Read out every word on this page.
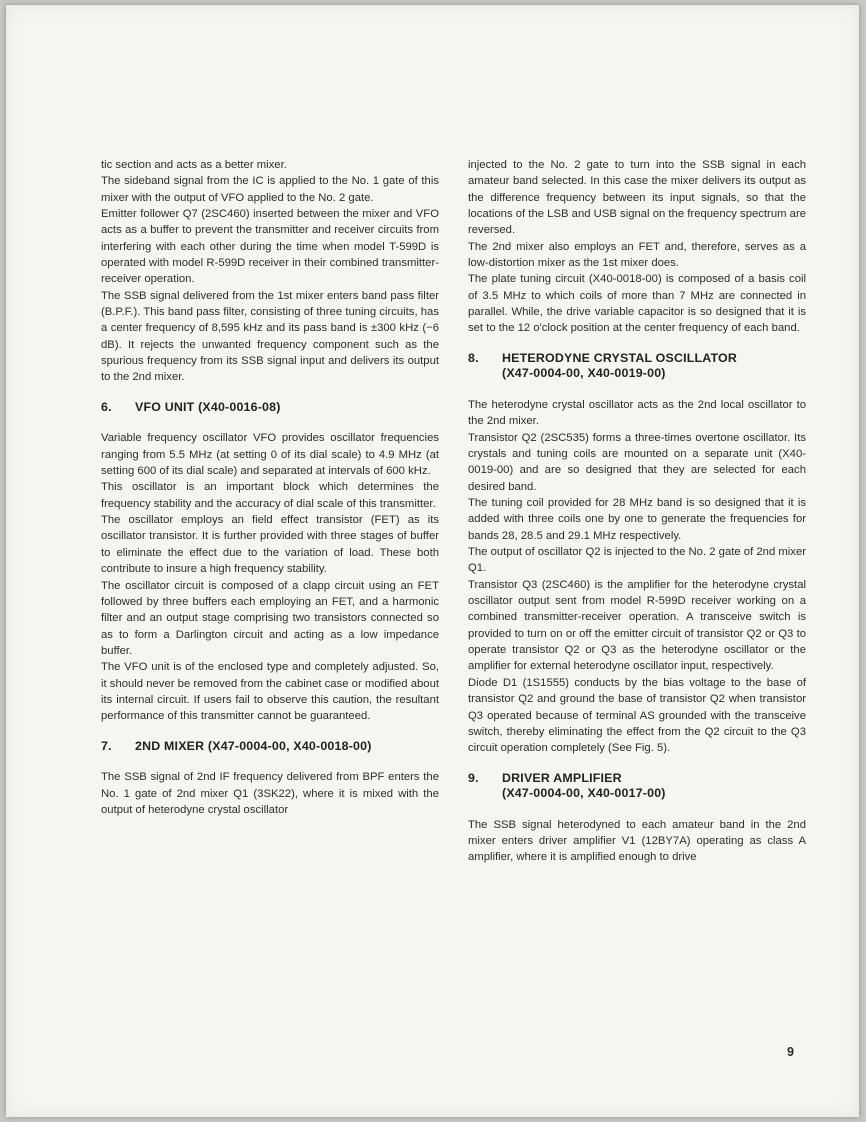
tic section and acts as a better mixer.

The sideband signal from the IC is applied to the No. 1 gate of this mixer with the output of VFO applied to the No. 2 gate.

Emitter follower Q7 (2SC460) inserted between the mixer and VFO acts as a buffer to prevent the transmitter and receiver circuits from interfering with each other during the time when model T-599D is operated with model R-599D receiver in their combined transmitter-receiver operation.

The SSB signal delivered from the 1st mixer enters band pass filter (B.P.F.). This band pass filter, consisting of three tuning circuits, has a center frequency of 8,595 kHz and its pass band is ±300 kHz (−6 dB). It rejects the unwanted frequency component such as the spurious frequency from its SSB signal input and delivers its output to the 2nd mixer.

6.	VFO UNIT (X40-0016-08)

Variable frequency oscillator VFO provides oscillator frequencies ranging from 5.5 MHz (at setting 0 of its dial scale) to 4.9 MHz (at setting 600 of its dial scale) and separated at intervals of 600 kHz.

This oscillator is an important block which determines the frequency stability and the accuracy of dial scale of this transmitter.

The oscillator employs an field effect transistor (FET) as its oscillator transistor. It is further provided with three stages of buffer to eliminate the effect due to the variation of load. These both contribute to insure a high frequency stability.

The oscillator circuit is composed of a clapp circuit using an FET followed by three buffers each employing an FET, and a harmonic filter and an output stage comprising two transistors connected so as to form a Darlington circuit and acting as a low impedance buffer.

The VFO unit is of the enclosed type and completely adjusted. So, it should never be removed from the cabinet case or modified about its internal circuit. If users fail to observe this caution, the resultant performance of this transmitter cannot be guaranteed.

7.	2ND MIXER (X47-0004-00, X40-0018-00)

The SSB signal of 2nd IF frequency delivered from BPF enters the No. 1 gate of 2nd mixer Q1 (3SK22), where it is mixed with the output of heterodyne crystal oscillator

injected to the No. 2 gate to turn into the SSB signal in each amateur band selected. In this case the mixer delivers its output as the difference frequency between its input signals, so that the locations of the LSB and USB signal on the frequency spectrum are reversed.

The 2nd mixer also employs an FET and, therefore, serves as a low-distortion mixer as the 1st mixer does.

The plate tuning circuit (X40-0018-00) is composed of a basis coil of 3.5 MHz to which coils of more than 7 MHz are connected in parallel. While, the drive variable capacitor is so designed that it is set to the 12 o'clock position at the center frequency of each band.

8.	HETERODYNE CRYSTAL OSCILLATOR
(X47-0004-00, X40-0019-00)

The heterodyne crystal oscillator acts as the 2nd local oscillator to the 2nd mixer.

Transistor Q2 (2SC535) forms a three-times overtone oscillator. Its crystals and tuning coils are mounted on a separate unit (X40-0019-00) and are so designed that they are selected for each desired band.

The tuning coil provided for 28 MHz band is so designed that it is added with three coils one by one to generate the frequencies for bands 28, 28.5 and 29.1 MHz respectively.

The output of oscillator Q2 is injected to the No. 2 gate of 2nd mixer Q1.

Transistor Q3 (2SC460) is the amplifier for the heterodyne crystal oscillator output sent from model R-599D receiver working on a combined transmitter-receiver operation. A transceive switch is provided to turn on or off the emitter circuit of transistor Q2 or Q3 to operate transistor Q2 or Q3 as the heterodyne oscillator or the amplifier for external heterodyne oscillator input, respectively.

Diode D1 (1S1555) conducts by the bias voltage to the base of transistor Q2 and ground the base of transistor Q2 when transistor Q3 operated because of terminal AS grounded with the transceive switch, thereby eliminating the effect from the Q2 circuit to the Q3 circuit operation completely (See Fig. 5).

9.	DRIVER AMPLIFIER
(X47-0004-00, X40-0017-00)

The SSB signal heterodyned to each amateur band in the 2nd mixer enters driver amplifier V1 (12BY7A) operating as class A amplifier, where it is amplified enough to drive

9
